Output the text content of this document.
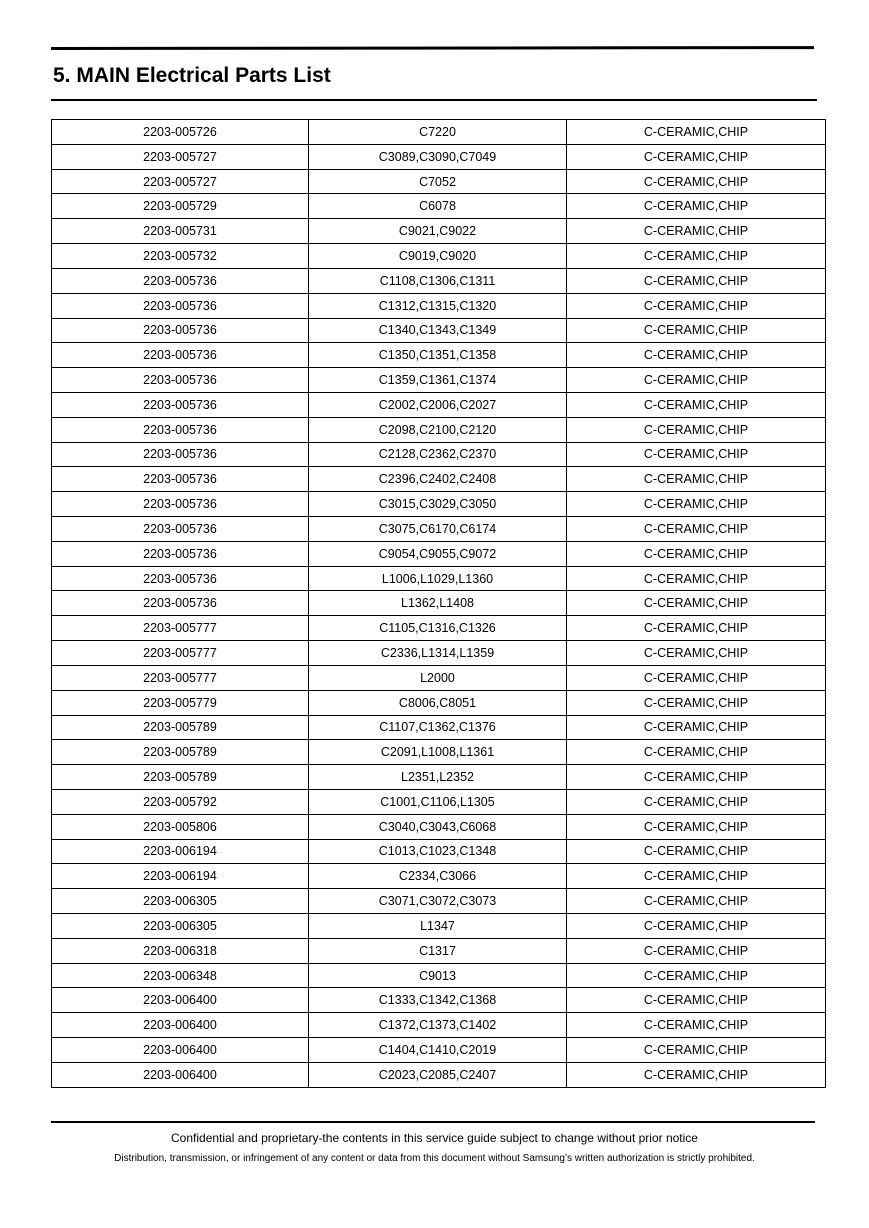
5. MAIN Electrical Parts List
2203-005726	C7220	C-CERAMIC,CHIP
2203-005727	C3089,C3090,C7049	C-CERAMIC,CHIP
2203-005727	C7052	C-CERAMIC,CHIP
2203-005729	C6078	C-CERAMIC,CHIP
2203-005731	C9021,C9022	C-CERAMIC,CHIP
2203-005732	C9019,C9020	C-CERAMIC,CHIP
2203-005736	C1108,C1306,C1311	C-CERAMIC,CHIP
2203-005736	C1312,C1315,C1320	C-CERAMIC,CHIP
2203-005736	C1340,C1343,C1349	C-CERAMIC,CHIP
2203-005736	C1350,C1351,C1358	C-CERAMIC,CHIP
2203-005736	C1359,C1361,C1374	C-CERAMIC,CHIP
2203-005736	C2002,C2006,C2027	C-CERAMIC,CHIP
2203-005736	C2098,C2100,C2120	C-CERAMIC,CHIP
2203-005736	C2128,C2362,C2370	C-CERAMIC,CHIP
2203-005736	C2396,C2402,C2408	C-CERAMIC,CHIP
2203-005736	C3015,C3029,C3050	C-CERAMIC,CHIP
2203-005736	C3075,C6170,C6174	C-CERAMIC,CHIP
2203-005736	C9054,C9055,C9072	C-CERAMIC,CHIP
2203-005736	L1006,L1029,L1360	C-CERAMIC,CHIP
2203-005736	L1362,L1408	C-CERAMIC,CHIP
2203-005777	C1105,C1316,C1326	C-CERAMIC,CHIP
2203-005777	C2336,L1314,L1359	C-CERAMIC,CHIP
2203-005777	L2000	C-CERAMIC,CHIP
2203-005779	C8006,C8051	C-CERAMIC,CHIP
2203-005789	C1107,C1362,C1376	C-CERAMIC,CHIP
2203-005789	C2091,L1008,L1361	C-CERAMIC,CHIP
2203-005789	L2351,L2352	C-CERAMIC,CHIP
2203-005792	C1001,C1106,L1305	C-CERAMIC,CHIP
2203-005806	C3040,C3043,C6068	C-CERAMIC,CHIP
2203-006194	C1013,C1023,C1348	C-CERAMIC,CHIP
2203-006194	C2334,C3066	C-CERAMIC,CHIP
2203-006305	C3071,C3072,C3073	C-CERAMIC,CHIP
2203-006305	L1347	C-CERAMIC,CHIP
2203-006318	C1317	C-CERAMIC,CHIP
2203-006348	C9013	C-CERAMIC,CHIP
2203-006400	C1333,C1342,C1368	C-CERAMIC,CHIP
2203-006400	C1372,C1373,C1402	C-CERAMIC,CHIP
2203-006400	C1404,C1410,C2019	C-CERAMIC,CHIP
2203-006400	C2023,C2085,C2407	C-CERAMIC,CHIP
Confidential and proprietary-the contents in this service guide subject to change without prior notice
Distribution, transmission, or infringement of any content or data from this document without Samsung’s written authorization is strictly prohibited.
